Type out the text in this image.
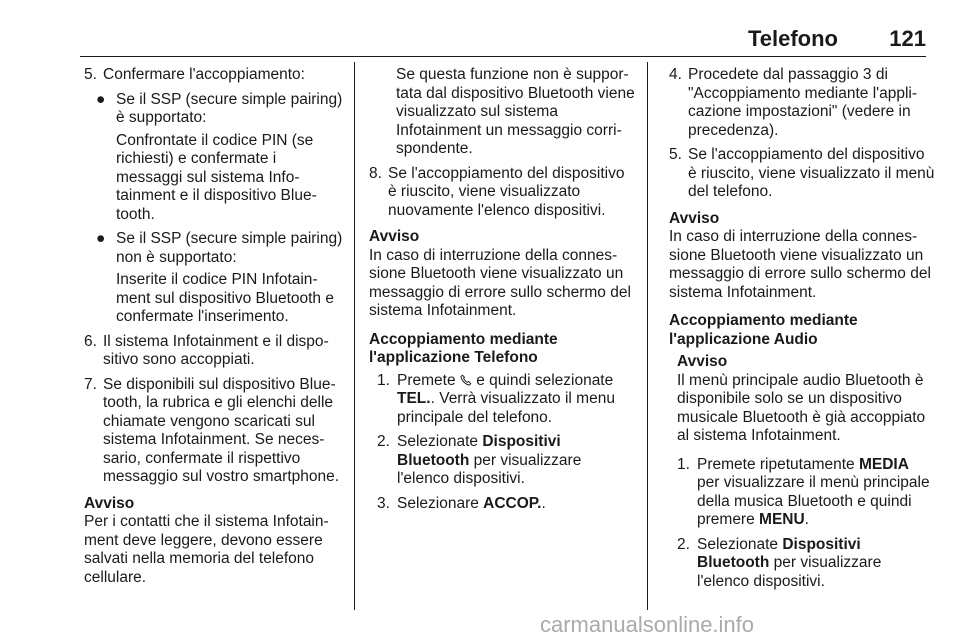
Telefono 121
5. Confermare l'accoppiamento:
● Se il SSP (secure simple pairing) è supportato:
Confrontate il codice PIN (se richiesti) e confermate i messaggi sul sistema Infotainment e il dispositivo Bluetooth.
● Se il SSP (secure simple pairing) non è supportato:
Inserite il codice PIN Infotainment sul dispositivo Bluetooth e confermate l'inserimento.
6. Il sistema Infotainment e il dispositivo sono accoppiati.
7. Se disponibili sul dispositivo Bluetooth, la rubrica e gli elenchi delle chiamate vengono scaricati sul sistema Infotainment. Se necessario, confermate il rispettivo messaggio sul vostro smartphone.
Avviso
Per i contatti che il sistema Infotainment deve leggere, devono essere salvati nella memoria del telefono cellulare.
Se questa funzione non è supportata dal dispositivo Bluetooth viene visualizzato sul sistema Infotainment un messaggio corrispondente.
8. Se l'accoppiamento del dispositivo è riuscito, viene visualizzato nuovamente l'elenco dispositivi.
Avviso
In caso di interruzione della connessione Bluetooth viene visualizzato un messaggio di errore sullo schermo del sistema Infotainment.
Accoppiamento mediante
l'applicazione Telefono
1. Premete e quindi selezionate TEL.. Verrà visualizzato il menu principale del telefono.
2. Selezionate Dispositivi Bluetooth per visualizzare l'elenco dispositivi.
3. Selezionare ACCOP..
4. Procedete dal passaggio 3 di "Accoppiamento mediante l'applicazione impostazioni" (vedere in precedenza).
5. Se l'accoppiamento del dispositivo è riuscito, viene visualizzato il menù del telefono.
Avviso
In caso di interruzione della connessione Bluetooth viene visualizzato un messaggio di errore sullo schermo del sistema Infotainment.
Accoppiamento mediante
l'applicazione Audio
Avviso
Il menù principale audio Bluetooth è disponibile solo se un dispositivo musicale Bluetooth è già accoppiato al sistema Infotainment.
1. Premete ripetutamente MEDIA per visualizzare il menù principale della musica Bluetooth e quindi premere MENU.
2. Selezionate Dispositivi Bluetooth per visualizzare l'elenco dispositivi.
carmanualsonline.info
